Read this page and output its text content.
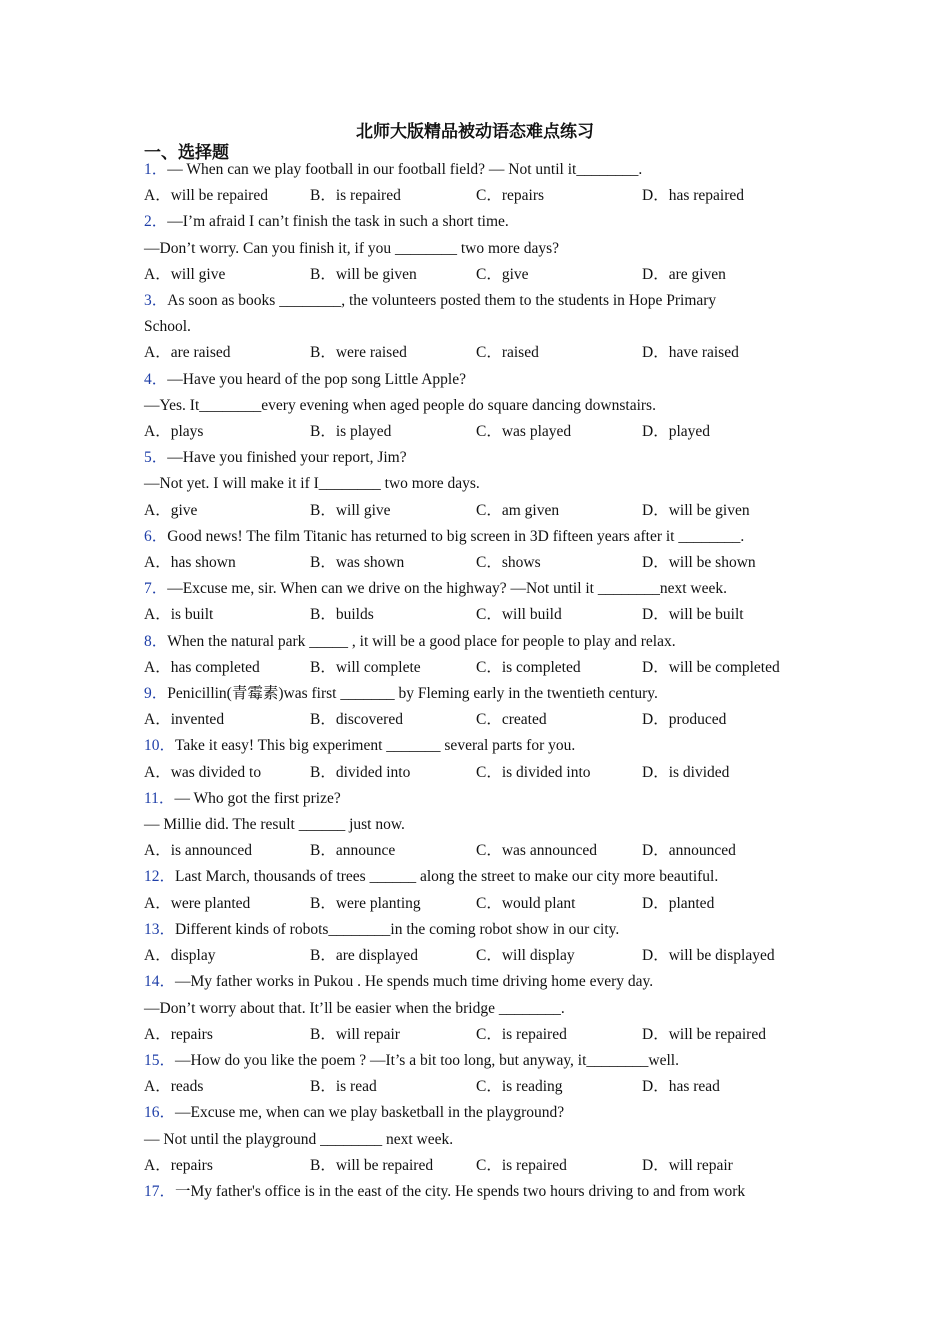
北师大版精品被动语态难点练习
一、选择题
1．— When can we play football in our football field? — Not until it________.
A．will be repaired	B．is repaired	C．repairs	D．has repaired
2．—I’m afraid I can’t finish the task in such a short time.
—Don’t worry. Can you finish it, if you ________ two more days?
A．will give	B．will be given	C．give	D．are given
3．As soon as books ________, the volunteers posted them to the students in Hope Primary
School.
A．are raised	B．were raised	C．raised	D．have raised
4．—Have you heard of the pop song Little Apple?
—Yes. It________every evening when aged people do square dancing downstairs.
A．plays	B．is played	C．was played	D．played
5．—Have you finished your report, Jim?
—Not yet. I will make it if I________ two more days.
A．give	B．will give	C．am given	D．will be given
6．Good news! The film Titanic has returned to big screen in 3D fifteen years after it ________.
A．has shown	B．was shown	C．shows	D．will be shown
7．—Excuse me, sir. When can we drive on the highway? —Not until it ________next week.
A．is built	B．builds	C．will build	D．will be built
8．When the natural park _____ , it will be a good place for people to play and relax.
A．has completed	B．will complete	C．is completed	D．will be completed
9．Penicillin(青霉素)was first _______ by Fleming early in the twentieth century.
A．invented	B．discovered	C．created	D．produced
10．Take it easy! This big experiment _______ several parts for you.
A．was divided to	B．divided into	C．is divided into	D．is divided
11．— Who got the first prize?
— Millie did. The result ______ just now.
A．is announced	B．announce	C．was announced	D．announced
12．Last March, thousands of trees ______ along the street to make our city more beautiful.
A．were planted	B．were planting	C．would plant	D．planted
13．Different kinds of robots________in the coming robot show in our city.
A．display	B．are displayed	C．will display	D．will be displayed
14．—My father works in Pukou . He spends much time driving home every day.
—Don’t worry about that. It’ll be easier when the bridge ________.
A．repairs	B．will repair	C．is repaired	D．will be repaired
15．—How do you like the poem ? —It’s a bit too long, but anyway, it________well.
A．reads	B．is read	C．is reading	D．has read
16．—Excuse me, when can we play basketball in the playground?
— Not until the playground ________ next week.
A．repairs	B．will be repaired	C．is repaired	D．will repair
17．一My father's office is in the east of the city. He spends two hours driving to and from work
